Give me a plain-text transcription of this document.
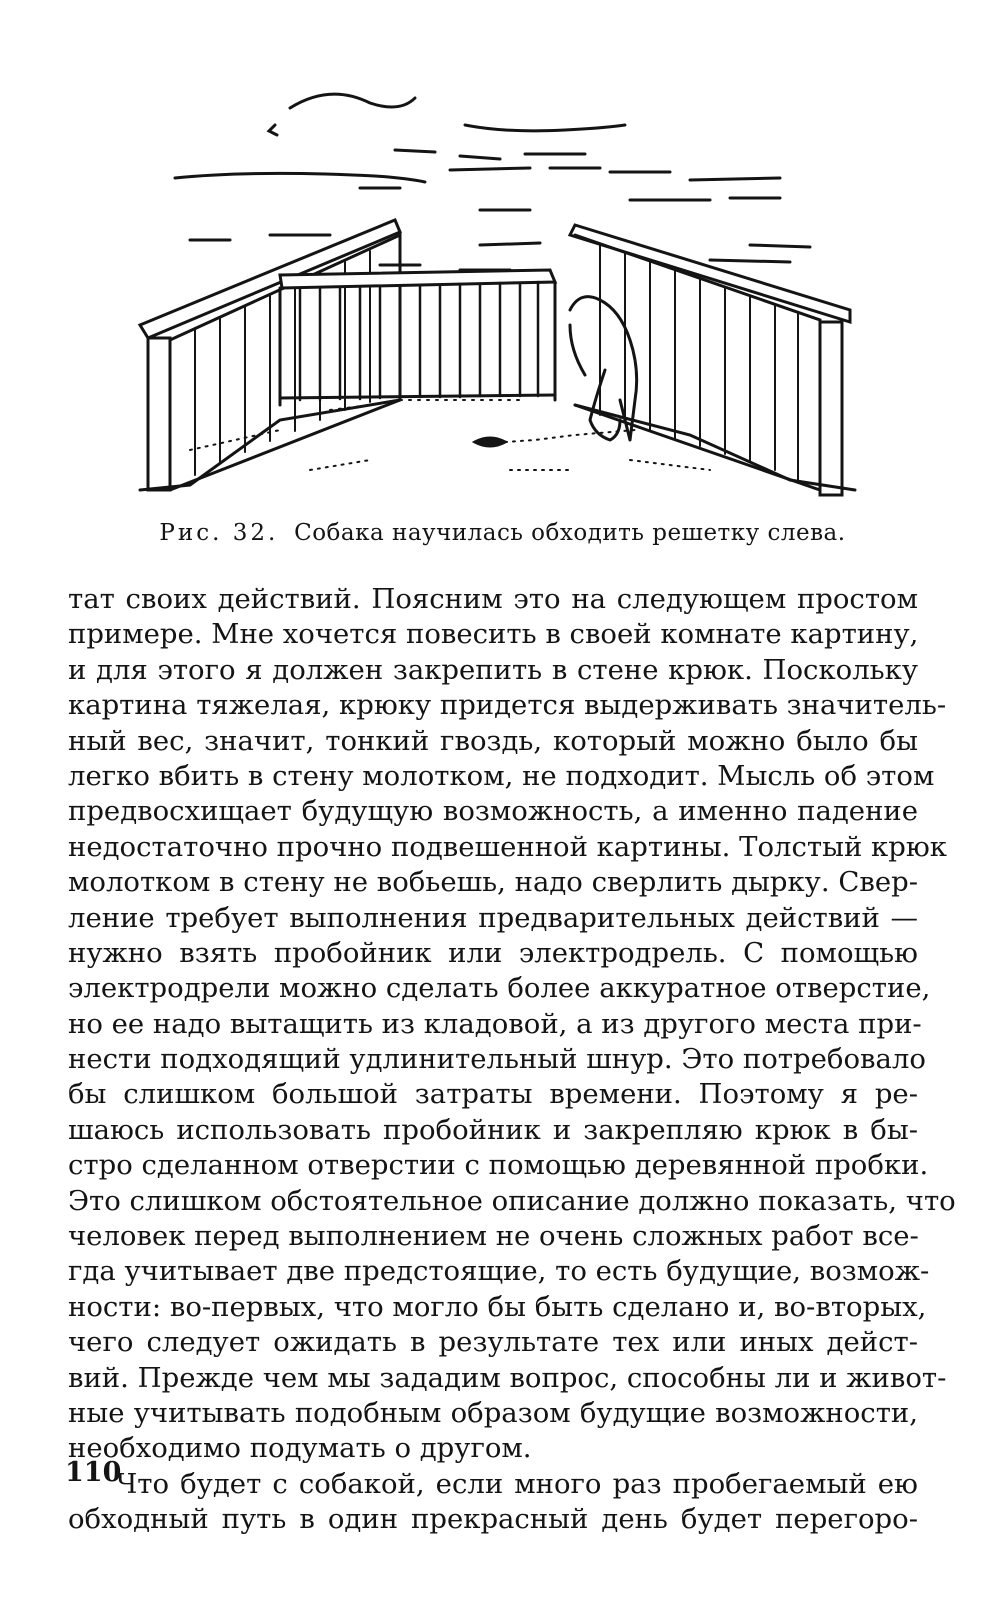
Рис. 32. Собака научилась обходить решетку слева.
тат своих действий. Поясним это на следующем простом
примере. Мне хочется повесить в своей комнате картину,
и для этого я должен закрепить в стене крюк. Поскольку
картина тяжелая, крюку придется выдерживать значитель-
ный вес, значит, тонкий гвоздь, который можно было бы
легко вбить в стену молотком, не подходит. Мысль об этом
предвосхищает будущую возможность, а именно падение
недостаточно прочно подвешенной картины. Толстый крюк
молотком в стену не вобьешь, надо сверлить дырку. Свер-
ление требует выполнения предварительных действий —
нужно взять пробойник или электродрель. С помощью
электродрели можно сделать более аккуратное отверстие,
но ее надо вытащить из кладовой, а из другого места при-
нести подходящий удлинительный шнур. Это потребовало
бы слишком большой затраты времени. Поэтому я ре-
шаюсь использовать пробойник и закрепляю крюк в бы-
стро сделанном отверстии с помощью деревянной пробки.
Это слишком обстоятельное описание должно показать, что
человек перед выполнением не очень сложных работ все-
гда учитывает две предстоящие, то есть будущие, возмож-
ности: во-первых, что могло бы быть сделано и, во-вторых,
чего следует ожидать в результате тех или иных дейст-
вий. Прежде чем мы зададим вопрос, способны ли и живот-
ные учитывать подобным образом будущие возможности,
необходимо подумать о другом.
Что будет с собакой, если много раз пробегаемый ею
обходный путь в один прекрасный день будет перегоро-
110
